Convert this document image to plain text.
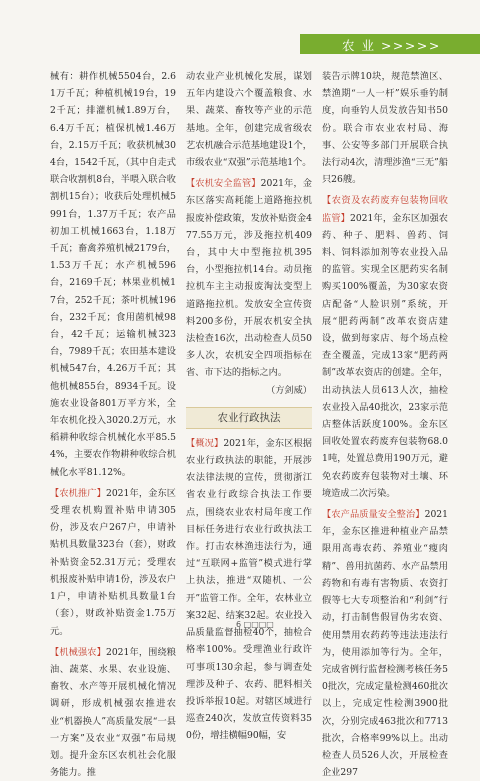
农 业 >>>>>

械有：耕作机械5504台，2.61万千瓦；种植机械19台，192千瓦；排灌机械1.89万台，6.4万千瓦；植保机械1.46万台，2.15万千瓦；收获机械304台，1542千瓦，（其中自走式联合收割机8台，半喂入联合收割机15台）；收获后处理机械5991台，1.37万千瓦；农产品初加工机械1663台，1.18万千瓦；畜禽养殖机械2179台，1.53万千瓦；水产机械596台，2169千瓦；林果业机械17台，252千瓦；茶叶机械196台，232千瓦；食用菌机械98台，42千瓦；运输机械323台，7989千瓦；农田基本建设机械547台，4.26万千瓦；其他机械855台，8934千瓦。设施农业设备801万平方米，全年农机化投入3020.2万元，水稻耕种收综合机械化水平85.54%，主要农作物耕种收综合机械化水平81.12%。

【农机推广】2021年，金东区受理农机购置补贴申请305份，涉及农户267户，申请补贴机具数量323台（套），财政补贴资金52.31万元；受理农机报废补贴申请1份，涉及农户1户，申请补贴机具数量1台（套），财政补贴资金1.75万元。

【机械强农】2021年，围绕粮油、蔬菜、水果、农业设施、畜牧、水产等开展机械化情况调研，形成机械强农推进农业“机器换人”高质量发展“一县一方案”及农业“双强”布局规划。提升金东区农机社会化服务能力。推

动农业产业机械化发展，谋划五年内建设六个覆盖粮食、水果、蔬菜、畜牧等产业的示范基地。全年，创建完成省级农艺农机融合示范基地建设1个，市级农业“双强”示范基地1个。

【农机安全监管】2021年，金东区落实高耗能上道路拖拉机报废补偿政策，发放补贴资金477.55万元，涉及拖拉机409台，其中大中型拖拉机395台，小型拖拉机14台。动员拖拉机车主主动报废淘汰变型上道路拖拉机。发放安全宣传资料200多份，开展农机安全执法检查16次，出动检查人员50多人次，农机安全四项指标在省、市下达的指标之内。

（方剑威）

农业行政执法

【概况】2021年，金东区根据农业行政执法的职能，开展涉农法律法规的宣传，贯彻浙江省农业行政综合执法工作要点，围绕农业农村局年度工作目标任务进行农业行政执法工作。打击农林渔违法行为，通过“互联网+监管”模式进行掌上执法，推进“双随机、一公开”监管工作。全年，农林业立案32起、结案32起。农业投入品质量监督抽检40个，抽检合格率100%。受理渔业行政许可事项130余起，参与调查处理涉及种子、农药、肥料相关投诉举报10起。对辖区域进行巡查240次，发放宣传资料350份，增挂横幅90幅，安

装告示牌10块，规范禁渔区、禁渔期“一人一杆”娱乐垂钓制度，向垂钓人员发放告知书50份。联合市农业农村局、海事、公安等多部门开展联合执法行动4次，清理涉渔“三无”船只26艘。

【农资及农药废弃包装物回收监管】2021年，金东区加强农药、种子、肥料、兽药、饲料、饲料添加剂等农业投入品的监管。实现全区肥药实名制购买100%覆盖，为30家农资店配备“人脸识别”系统，开展“肥药两制”改革农资店建设，做到每家店、每个场点检查全覆盖，完成13家“肥药两制”改革农资店的创建。全年，出动执法人员613人次，抽检农业投入品40批次，23家示范店整体活跃度100%。金东区回收处置农药废弃包装物68.01吨，处置总费用190万元，避免农药废弃包装物对土壤、环境造成二次污染。

【农产品质量安全整治】2021年，金东区推进种植业产品禁限用高毒农药、养殖业“瘦肉精”、兽用抗菌药、水产品禁用药物和有毒有害物质、农资打假等七大专项整治和“利剑”行动，打击制售假冒伪劣农资、使用禁用农药药等违法违法行为，使用添加等行为。全年，完成省例行监督检测考核任务50批次，完成定量检测460批次以上，完成定性检测3900批次，分别完成463批次和7713批次，合格率99%以上。出动检查人员526人次，开展检查企业297

6 □□□□
